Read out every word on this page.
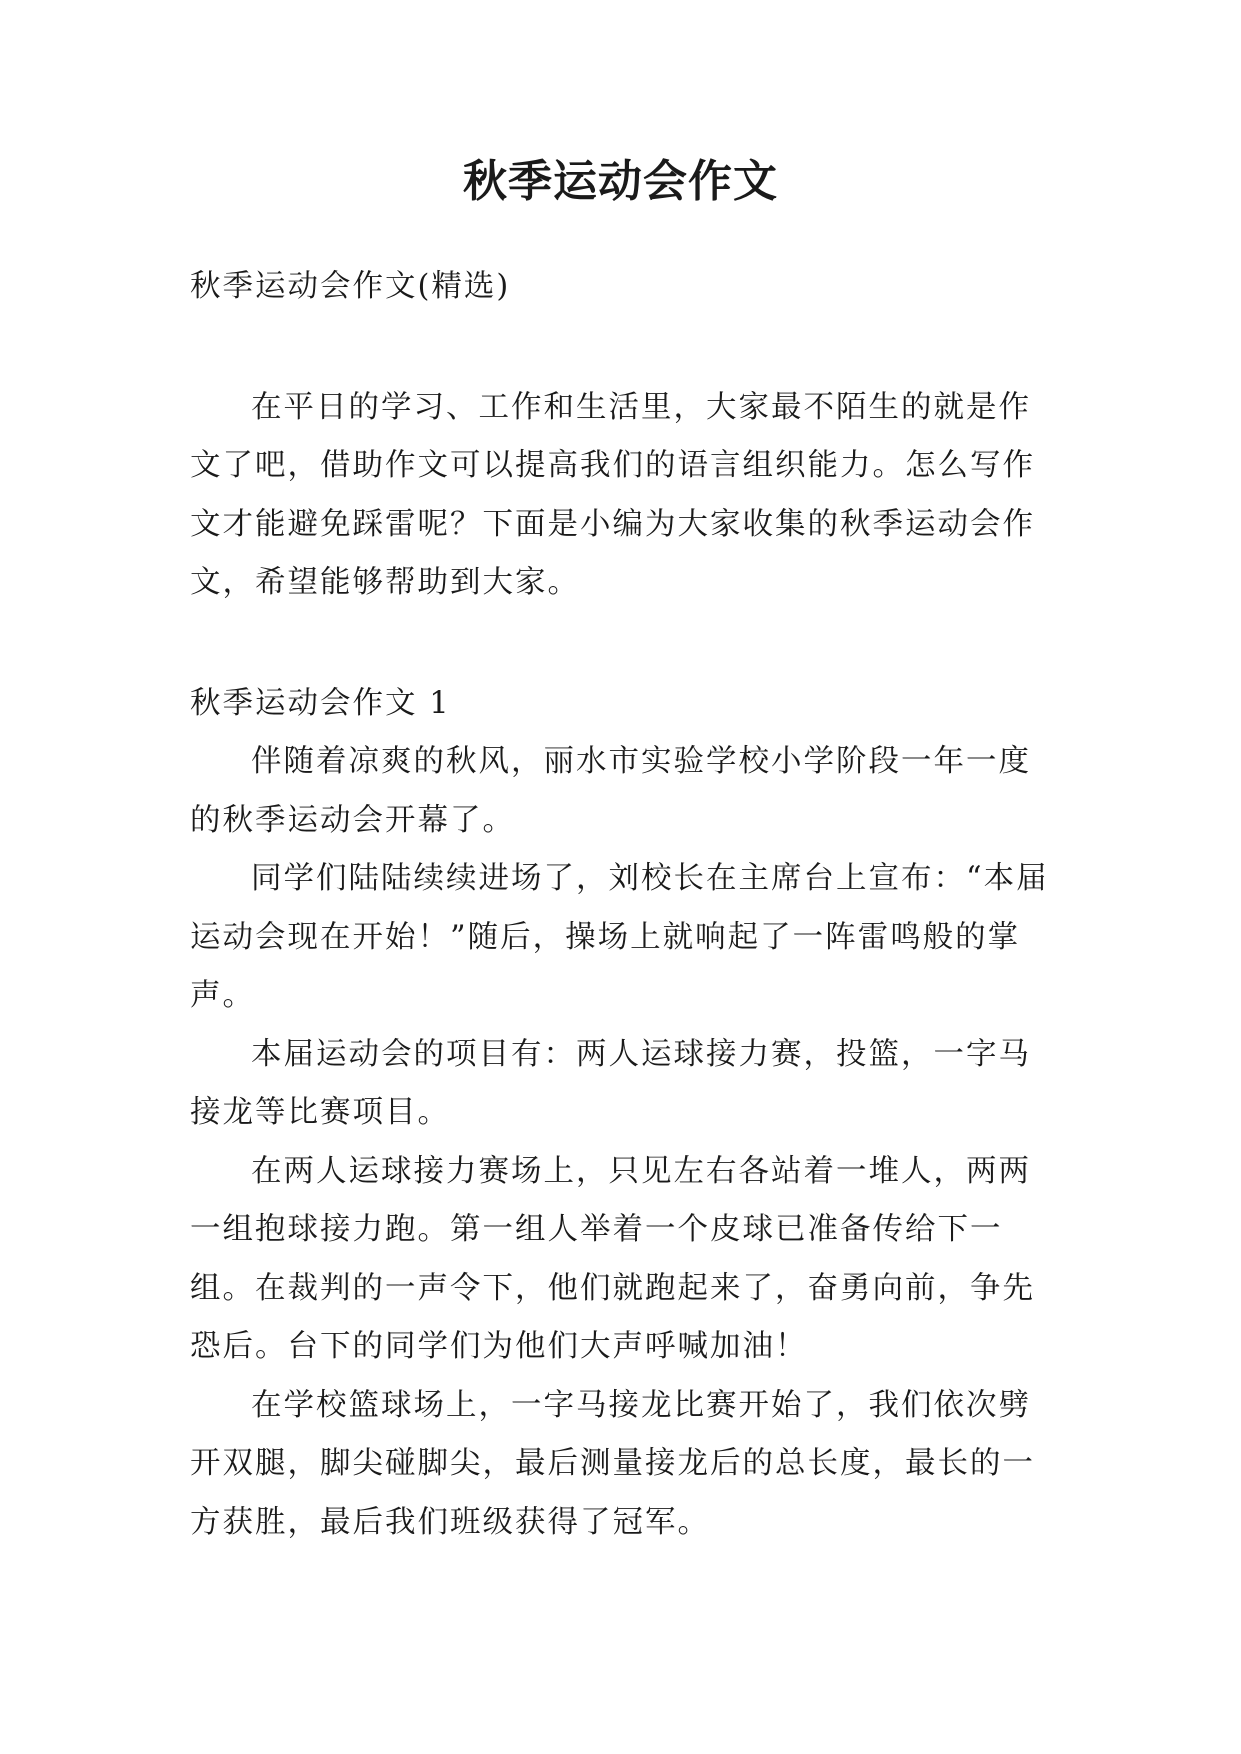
秋季运动会作文

秋季运动会作文(精选)

在平日的学习、工作和生活里，大家最不陌生的就是作文了吧，借助作文可以提高我们的语言组织能力。怎么写作文才能避免踩雷呢？下面是小编为大家收集的秋季运动会作文，希望能够帮助到大家。

秋季运动会作文 1

伴随着凉爽的秋风，丽水市实验学校小学阶段一年一度的秋季运动会开幕了。

同学们陆陆续续进场了，刘校长在主席台上宣布：“本届运动会现在开始！”随后，操场上就响起了一阵雷鸣般的掌声。

本届运动会的项目有：两人运球接力赛，投篮，一字马接龙等比赛项目。

在两人运球接力赛场上，只见左右各站着一堆人，两两一组抱球接力跑。第一组人举着一个皮球已准备传给下一组。在裁判的一声令下，他们就跑起来了，奋勇向前，争先恐后。台下的同学们为他们大声呼喊加油！

在学校篮球场上，一字马接龙比赛开始了，我们依次劈开双腿，脚尖碰脚尖，最后测量接龙后的总长度，最长的一方获胜，最后我们班级获得了冠军。
